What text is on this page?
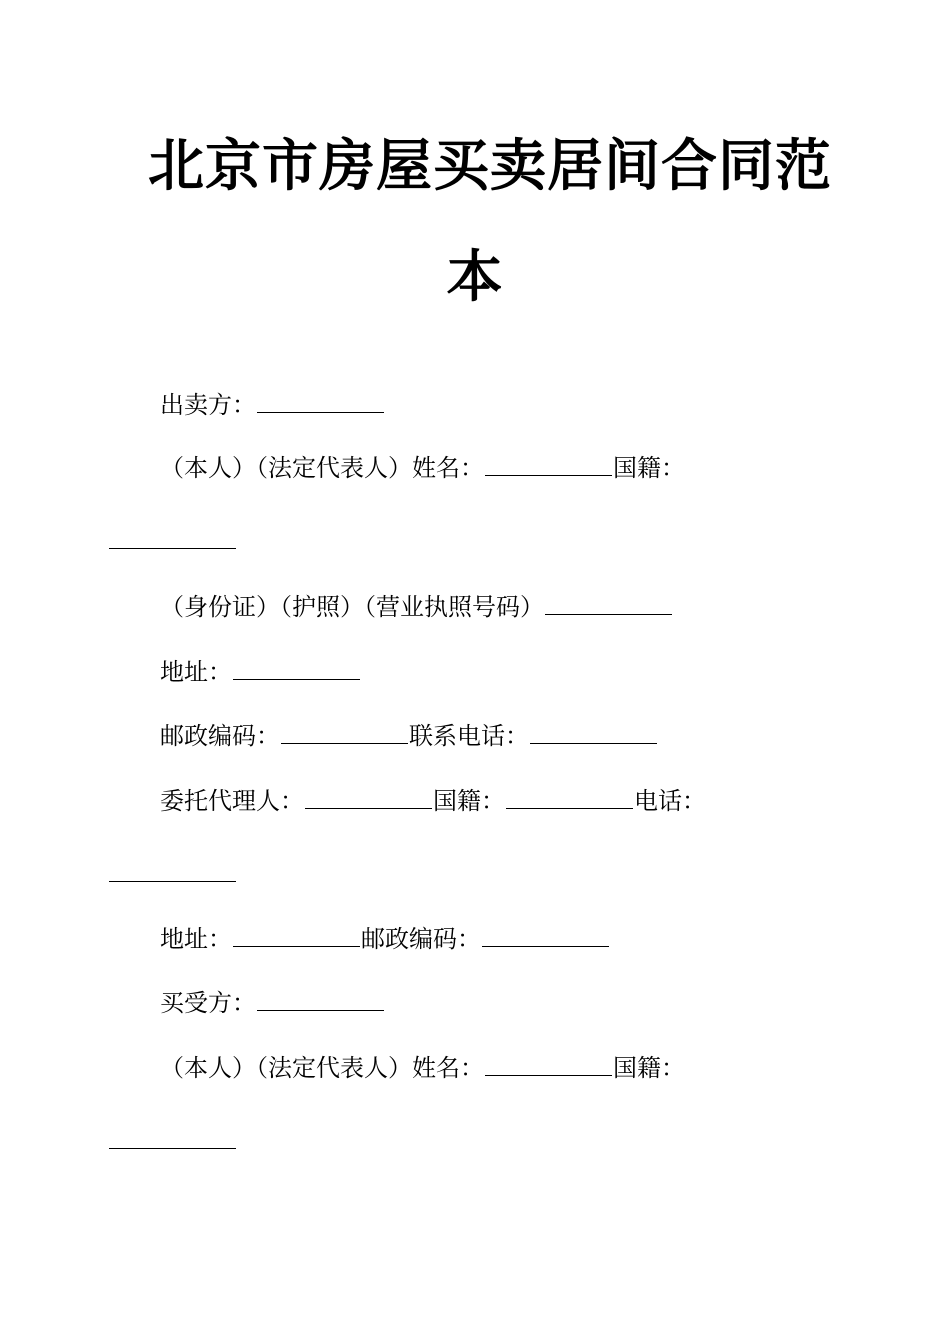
北京市房屋买卖居间合同范
本
出卖方：
（本人）（法定代表人）姓名：	国籍：
（身份证）（护照）（营业执照号码）
地址：
邮政编码：	联系电话：
委托代理人：	国籍：	电话：
地址：	邮政编码：
买受方：
（本人）（法定代表人）姓名：	国籍：
